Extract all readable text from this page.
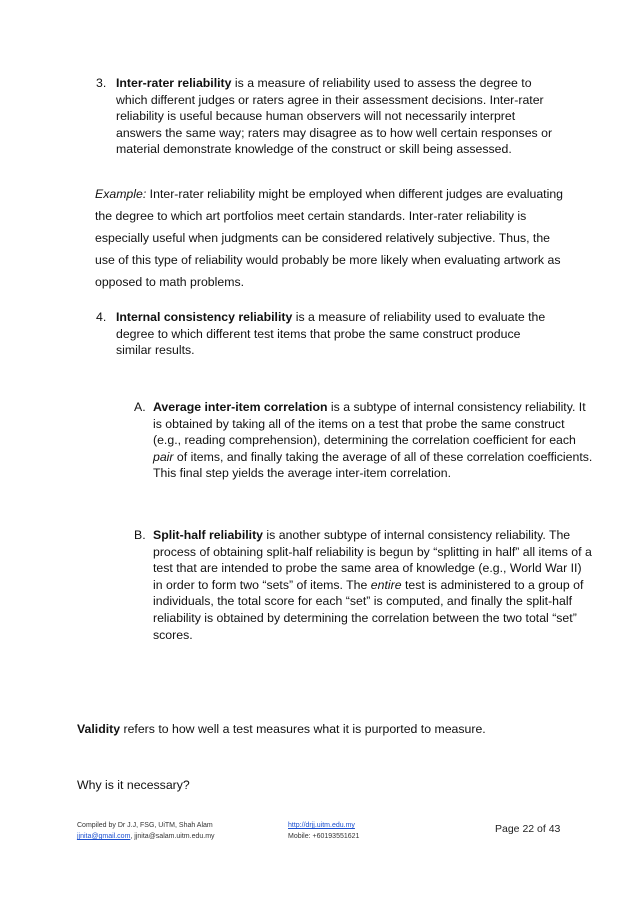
3. Inter-rater reliability is a measure of reliability used to assess the degree to which different judges or raters agree in their assessment decisions. Inter-rater reliability is useful because human observers will not necessarily interpret answers the same way; raters may disagree as to how well certain responses or material demonstrate knowledge of the construct or skill being assessed.
Example: Inter-rater reliability might be employed when different judges are evaluating the degree to which art portfolios meet certain standards. Inter-rater reliability is especially useful when judgments can be considered relatively subjective. Thus, the use of this type of reliability would probably be more likely when evaluating artwork as opposed to math problems.
4. Internal consistency reliability is a measure of reliability used to evaluate the degree to which different test items that probe the same construct produce similar results.
A. Average inter-item correlation is a subtype of internal consistency reliability. It is obtained by taking all of the items on a test that probe the same construct (e.g., reading comprehension), determining the correlation coefficient for each pair of items, and finally taking the average of all of these correlation coefficients. This final step yields the average inter-item correlation.
B. Split-half reliability is another subtype of internal consistency reliability. The process of obtaining split-half reliability is begun by “splitting in half” all items of a test that are intended to probe the same area of knowledge (e.g., World War II) in order to form two “sets” of items. The entire test is administered to a group of individuals, the total score for each “set” is computed, and finally the split-half reliability is obtained by determining the correlation between the two total “set” scores.
Validity refers to how well a test measures what it is purported to measure.
Why is it necessary?
Compiled by Dr J.J, FSG, UiTM, Shah Alam
jjnita@gmail.com, jjnita@salam.uitm.edu.my
http://drjj.uitm.edu.my
Mobile: +60193551621
Page 22 of 43
